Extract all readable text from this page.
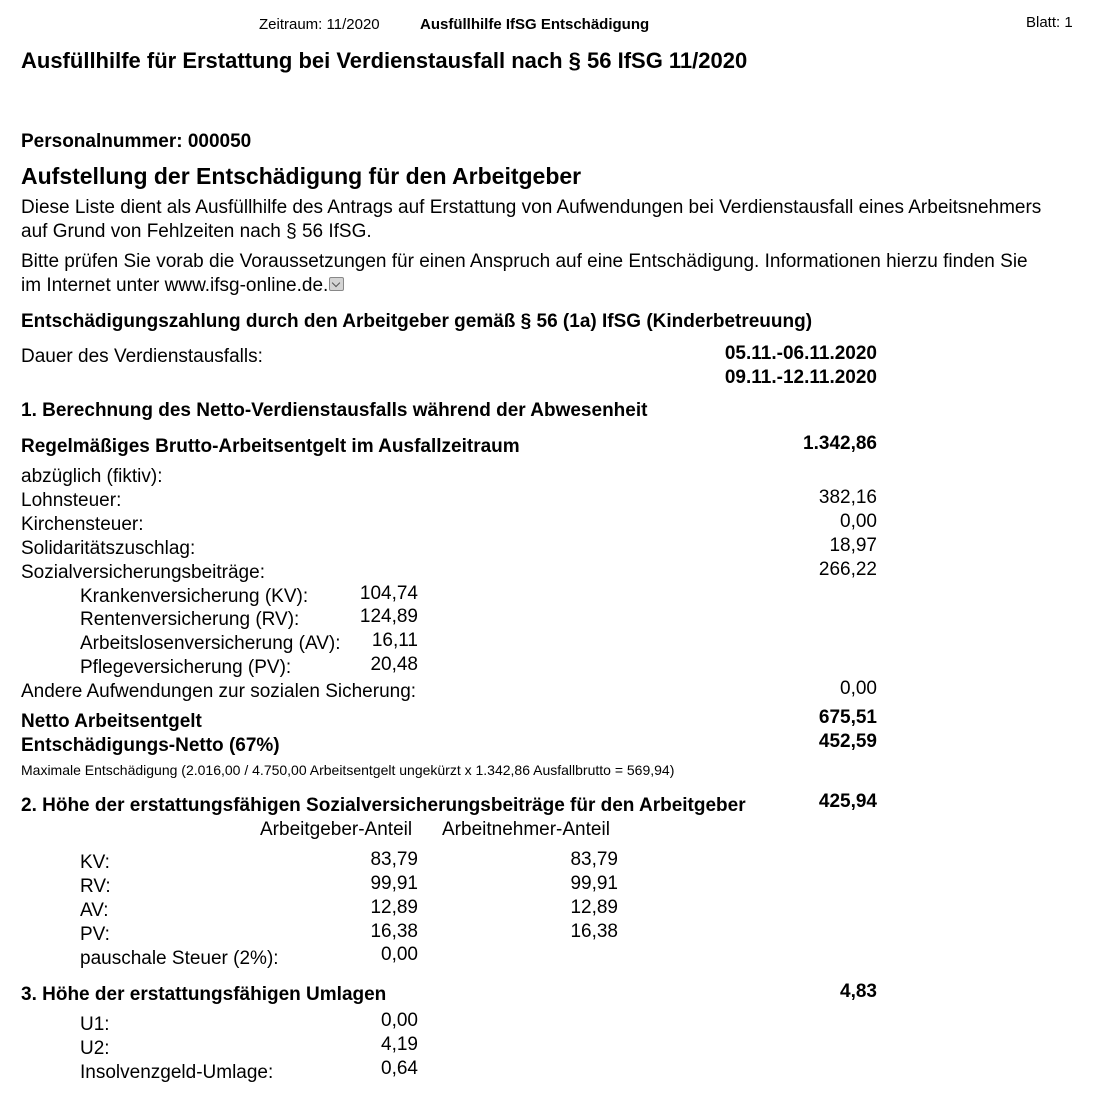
Zeitraum: 11/2020	Ausfüllhilfe IfSG Entschädigung	Blatt: 1
Ausfüllhilfe für Erstattung bei Verdienstausfall nach § 56 IfSG 11/2020
Personalnummer: 000050
Aufstellung der Entschädigung für den Arbeitgeber
Diese Liste dient als Ausfüllhilfe des Antrags auf Erstattung von Aufwendungen bei Verdienstausfall eines Arbeitsnehmers
auf Grund von Fehlzeiten nach § 56 IfSG.
Bitte prüfen Sie vorab die Voraussetzungen für einen Anspruch auf eine Entschädigung. Informationen hierzu finden Sie
im Internet unter www.ifsg-online.de.
Entschädigungszahlung durch den Arbeitgeber gemäß § 56 (1a) IfSG (Kinderbetreuung)
Dauer des Verdienstausfalls:	05.11.-06.11.2020
09.11.-12.11.2020
1. Berechnung des Netto-Verdienstausfalls während der Abwesenheit
Regelmäßiges Brutto-Arbeitsentgelt im Ausfallzeitraum	1.342,86
abzüglich (fiktiv):
Lohnsteuer:	382,16
Kirchensteuer:	0,00
Solidaritätszuschlag:	18,97
Sozialversicherungsbeiträge:	266,22
Krankenversicherung (KV):	104,74
Rentenversicherung (RV):	124,89
Arbeitslosenversicherung (AV):	16,11
Pflegeversicherung (PV):	20,48
Andere Aufwendungen zur sozialen Sicherung:	0,00
Netto Arbeitsentgelt	675,51
Entschädigungs-Netto (67%)	452,59
Maximale Entschädigung (2.016,00 / 4.750,00 Arbeitsentgelt ungekürzt x 1.342,86 Ausfallbrutto = 569,94)
2. Höhe der erstattungsfähigen Sozialversicherungsbeiträge für den Arbeitgeber	425,94
Arbeitgeber-Anteil Arbeitnehmer-Anteil
KV:	83,79	83,79
RV:	99,91	99,91
AV:	12,89	12,89
PV:	16,38	16,38
pauschale Steuer (2%):	0,00
3. Höhe der erstattungsfähigen Umlagen	4,83
U1:	0,00
U2:	4,19
Insolvenzgeld-Umlage:	0,64
